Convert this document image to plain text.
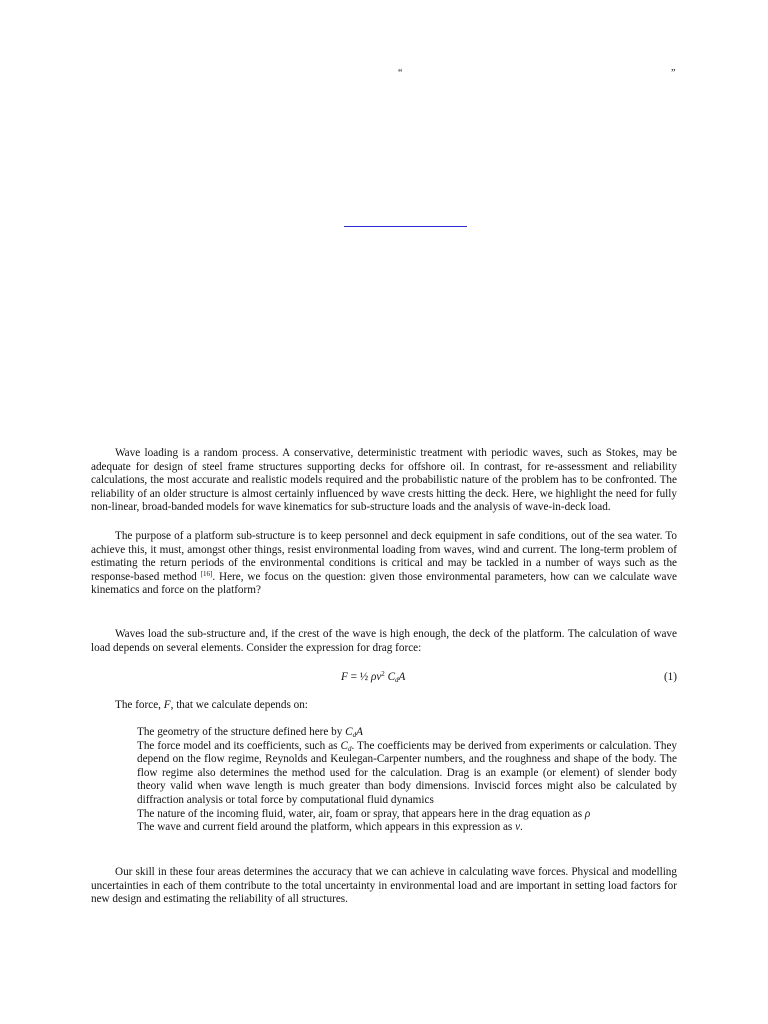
“	”

Wave loading is a random process. A conservative, deterministic treatment with periodic waves, such as Stokes, may be adequate for design of steel frame structures supporting decks for offshore oil. In contrast, for re-assessment and reliability calculations, the most accurate and realistic models required and the probabilistic nature of the problem has to be confronted. The reliability of an older structure is almost certainly influenced by wave crests hitting the deck. Here, we highlight the need for fully non-linear, broad-banded models for wave kinematics for sub-structure loads and the analysis of wave-in-deck load.

The purpose of a platform sub-structure is to keep personnel and deck equipment in safe conditions, out of the sea water. To achieve this, it must, amongst other things, resist environmental loading from waves, wind and current. The long-term problem of estimating the return periods of the environmental conditions is critical and may be tackled in a number of ways such as the response-based method [16]. Here, we focus on the question: given those environmental parameters, how can we calculate wave kinematics and force on the platform?

Waves load the sub-structure and, if the crest of the wave is high enough, the deck of the platform. The calculation of wave load depends on several elements. Consider the expression for drag force:

F = ½ $\rho v^2$ $C_dA$	(1)

The force, F, that we calculate depends on:

The geometry of the structure defined here by $C_dA$
The force model and its coefficients, such as $C_d$. The coefficients may be derived from experiments or calculation. They depend on the flow regime, Reynolds and Keulegan-Carpenter numbers, and the roughness and shape of the body. The flow regime also determines the method used for the calculation. Drag is an example (or element) of slender body theory valid when wave length is much greater than body dimensions. Inviscid forces might also be calculated by diffraction analysis or total force by computational fluid dynamics
The nature of the incoming fluid, water, air, foam or spray, that appears here in the drag equation as ρ
The wave and current field around the platform, which appears in this expression as v.

Our skill in these four areas determines the accuracy that we can achieve in calculating wave forces. Physical and modelling uncertainties in each of them contribute to the total uncertainty in environmental load and are important in setting load factors for new design and estimating the reliability of all structures.
